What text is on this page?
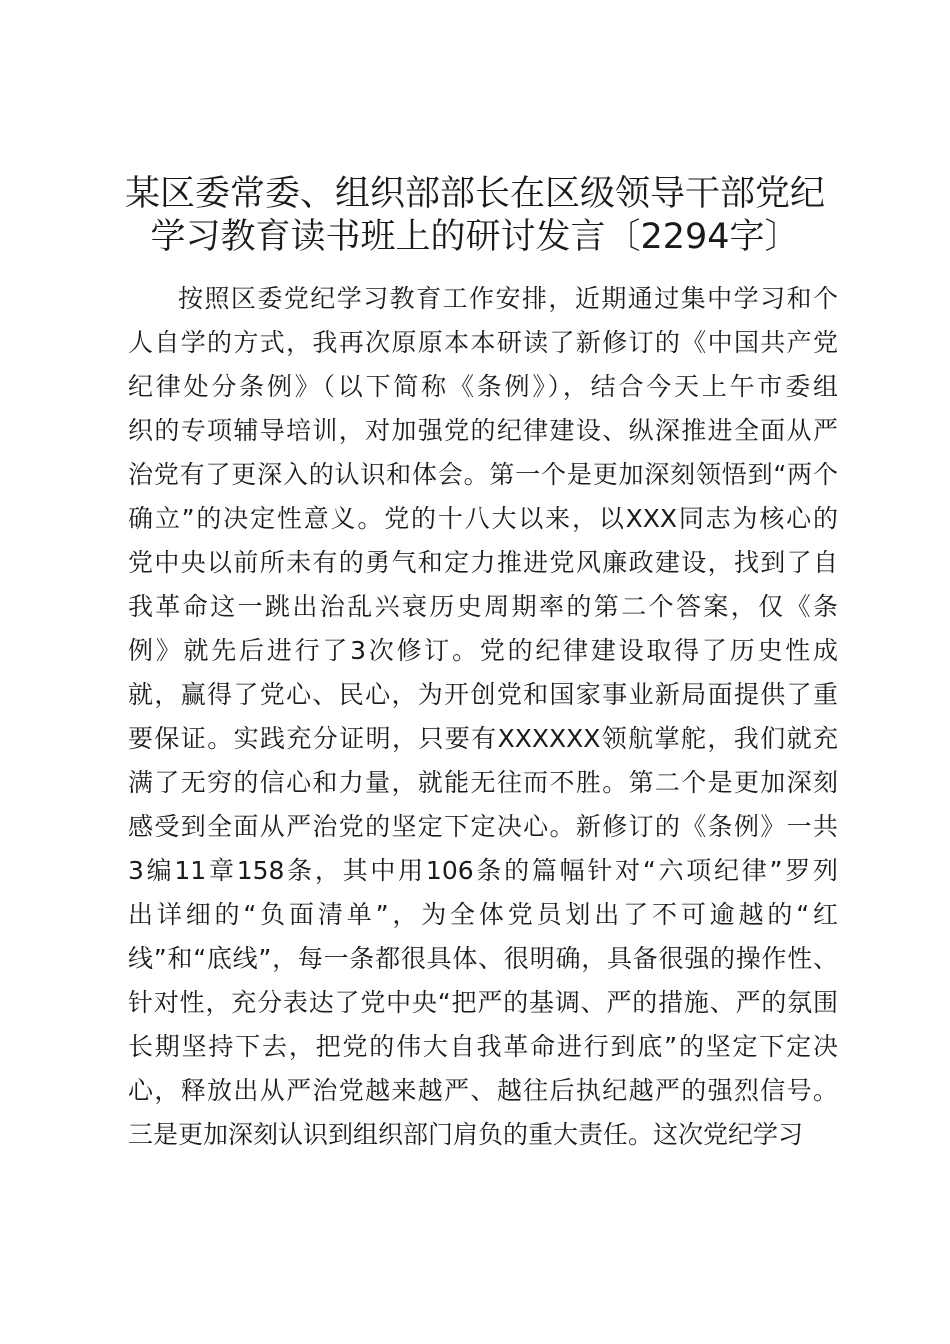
某区委常委、组织部部长在区级领导干部党纪
学习教育读书班上的研讨发言〔2294字〕
按照区委党纪学习教育工作安排，近期通过集中学习和个
人自学的方式，我再次原原本本研读了新修订的《中国共产党
纪律处分条例》（以下简称《条例》），结合今天上午市委组
织的专项辅导培训，对加强党的纪律建设、纵深推进全面从严
治党有了更深入的认识和体会。第一个是更加深刻领悟到“两个
确立”的决定性意义。党的十八大以来，以XXX同志为核心的
党中央以前所未有的勇气和定力推进党风廉政建设，找到了自
我革命这一跳出治乱兴衰历史周期率的第二个答案，仅《条
例》就先后进行了3次修订。党的纪律建设取得了历史性成
就，赢得了党心、民心，为开创党和国家事业新局面提供了重
要保证。实践充分证明，只要有XXXXXX领航掌舵，我们就充
满了无穷的信心和力量，就能无往而不胜。第二个是更加深刻
感受到全面从严治党的坚定下定决心。新修订的《条例》一共
3编11章158条，其中用106条的篇幅针对“六项纪律”罗列
出详细的“负面清单”，为全体党员划出了不可逾越的“红
线”和“底线”，每一条都很具体、很明确，具备很强的操作性、
针对性，充分表达了党中央“把严的基调、严的措施、严的氛围
长期坚持下去，把党的伟大自我革命进行到底”的坚定下定决
心，释放出从严治党越来越严、越往后执纪越严的强烈信号。
三是更加深刻认识到组织部门肩负的重大责任。这次党纪学习
